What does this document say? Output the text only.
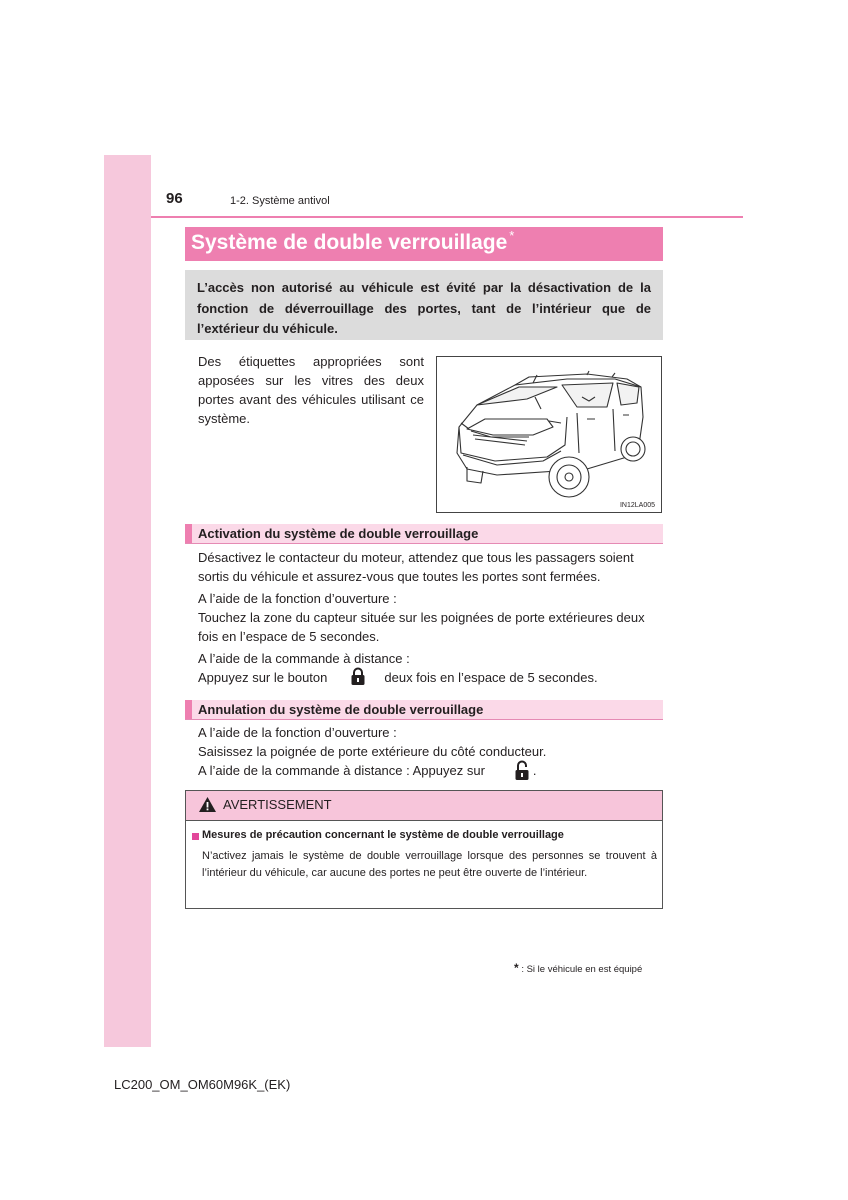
96	1-2. Système antivol
Système de double verrouillage *
L’accès non autorisé au véhicule est évité par la désactivation de la fonction de déverrouillage des portes, tant de l’intérieur que de l’extérieur du véhicule.
Des étiquettes appropriées sont apposées sur les vitres des deux portes avant des véhicules utilisant ce système.
IN12LA005
Activation du système de double verrouillage
Désactivez le contacteur du moteur, attendez que tous les passagers soient sortis du véhicule et assurez-vous que toutes les portes sont fermées.
A l’aide de la fonction d’ouverture :
Touchez la zone du capteur située sur les poignées de porte extérieures deux fois en l’espace de 5 secondes.
A l’aide de la commande à distance :
Appuyez sur le bouton	deux fois en l’espace de 5 secondes.
Annulation du système de double verrouillage
A l’aide de la fonction d’ouverture :
Saisissez la poignée de porte extérieure du côté conducteur.
A l’aide de la commande à distance : Appuyez sur	.
AVERTISSEMENT
Mesures de précaution concernant le système de double verrouillage
N’activez jamais le système de double verrouillage lorsque des personnes se trouvent à l’intérieur du véhicule, car aucune des portes ne peut être ouverte de l’intérieur.
* : Si le véhicule en est équipé
LC200_OM_OM60M96K_(EK)
